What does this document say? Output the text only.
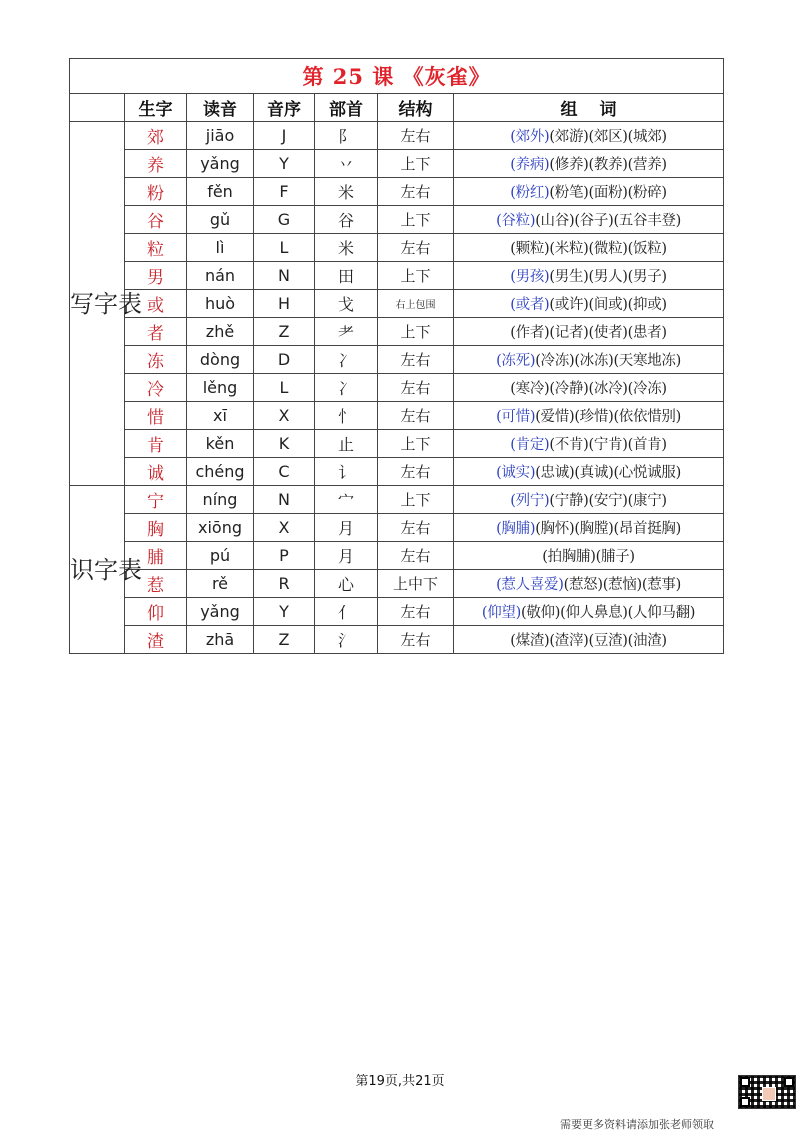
第 25 课 《灰雀》						
	生字	读音	音序	部首	结构	组 词
写字表	郊	jiāo	J	阝	左右	(郊外)(郊游)(郊区)(城郊)
	养	yǎng	Y	丷	上下	(养病)(修养)(教养)(营养)
	粉	fěn	F	米	左右	(粉红)(粉笔)(面粉)(粉碎)
	谷	gǔ	G	谷	上下	(谷粒)(山谷)(谷子)(五谷丰登)
	粒	lì	L	米	左右	(颗粒)(米粒)(微粒)(饭粒)
	男	nán	N	田	上下	(男孩)(男生)(男人)(男子)
	或	huò	H	戈	右上包围	(或者)(或许)(间或)(抑或)
	者	zhě	Z	耂	上下	(作者)(记者)(使者)(患者)
	冻	dòng	D	冫	左右	(冻死)(冷冻)(冰冻)(天寒地冻)
	冷	lěng	L	冫	左右	(寒冷)(冷静)(冰冷)(冷冻)
	惜	xī	X	忄	左右	(可惜)(爱惜)(珍惜)(依依惜别)
	肯	kěn	K	止	上下	(肯定)(不肯)(宁肯)(首肯)
	诚	chéng	C	讠	左右	(诚实)(忠诚)(真诚)(心悦诚服)
识字表	宁	níng	N	宀	上下	(列宁)(宁静)(安宁)(康宁)
	胸	xiōng	X	月	左右	(胸脯)(胸怀)(胸膛)(昂首挺胸)
	脯	pú	P	月	左右	(拍胸脯)(脯子)
	惹	rě	R	心	上中下	(惹人喜爱)(惹怒)(惹恼)(惹事)
	仰	yǎng	Y	亻	左右	(仰望)(敬仰)(仰人鼻息)(人仰马翻)
	渣	zhā	Z	氵	左右	(煤渣)(渣滓)(豆渣)(油渣)
第19页,共21页
需要更多资料请添加张老师领取
